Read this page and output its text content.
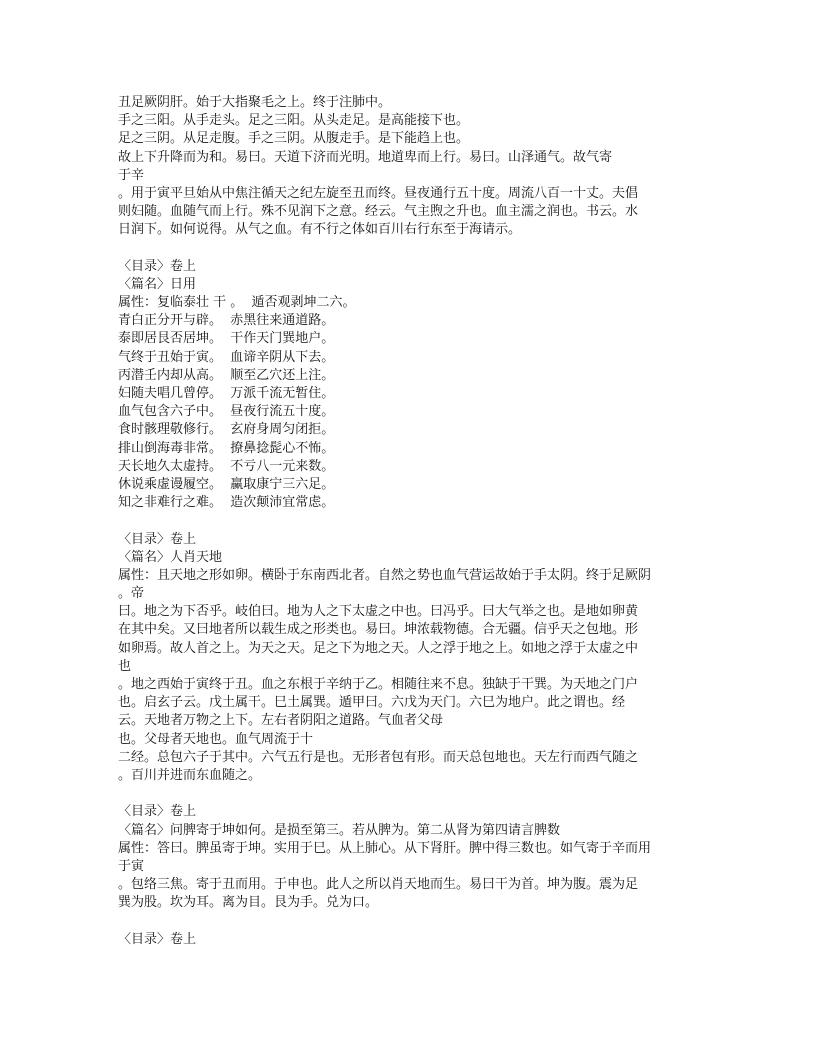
丑足厥阴肝。始于大指聚毛之上。终于注肺中。
手之三阳。从手走头。足之三阳。从头走足。是高能接下也。
足之三阴。从足走腹。手之三阴。从腹走手。是下能趋上也。
故上下升降而为和。易曰。天道下济而光明。地道卑而上行。易曰。山泽通气。故气寄
于辛
。用于寅平旦始从中焦注循天之纪左旋至丑而终。昼夜通行五十度。周流八百一十丈。夫倡
则妇随。血随气而上行。殊不见润下之意。经云。气主煦之升也。血主濡之润也。书云。水
日润下。如何说得。从气之血。有不行之体如百川右行东至于海请示。
〈目录〉卷上
〈篇名〉日用
属性：复临泰壮 干 。  遁否观剥坤二六。
青白正分开与辟。  赤黑往来通道路。
泰即居艮否居坤。  干作天门巽地户。
气终于丑始于寅。  血谛辛阴从下去。
丙潜壬内却从高。  顺至乙穴还上注。
妇随夫唱几曾停。  万派千流无暂住。
血气包含六子中。  昼夜行流五十度。
食时骸理敬修行。  玄府身周匀闭拒。
排山倒海毒非常。  撩鼻捻髭心不怖。
天长地久太虚持。  不亏八一元来数。
休说乘虚谩履空。  赢取康宁三六足。
知之非难行之难。  造次颠沛宜常虑。
〈目录〉卷上
〈篇名〉人肖天地
属性：且天地之形如卵。横卧于东南西北者。自然之势也血气营运故始于手太阴。终于足厥阴
。帝
曰。地之为下否乎。岐伯曰。地为人之下太虚之中也。曰冯乎。曰大气举之也。是地如卵黄
在其中矣。又曰地者所以载生成之形类也。易曰。坤浓载物德。合无疆。信乎天之包地。形
如卵焉。故人首之上。为天之天。足之下为地之天。人之浮于地之上。如地之浮于太虚之中
也
。地之西始于寅终于丑。血之东根于辛纳于乙。相随往来不息。独缺于干巽。为天地之门户
也。启玄子云。戊土属干。巳土属巽。遁甲曰。六戊为天门。六巳为地户。此之谓也。经
云。天地者万物之上下。左右者阴阳之道路。气血者父母
也。父母者天地也。血气周流于十
二经。总包六子于其中。六气五行是也。无形者包有形。而天总包地也。天左行而西气随之
。百川并进而东血随之。
〈目录〉卷上
〈篇名〉问脾寄于坤如何。是损至第三。若从脾为。第二从肾为第四请言脾数
属性：答曰。脾虽寄于坤。实用于巳。从上肺心。从下肾肝。脾中得三数也。如气寄于辛而用
于寅
。包络三焦。寄于丑而用。于申也。此人之所以肖天地而生。易曰干为首。坤为腹。震为足
巽为股。坎为耳。离为目。艮为手。兑为口。
〈目录〉卷上
